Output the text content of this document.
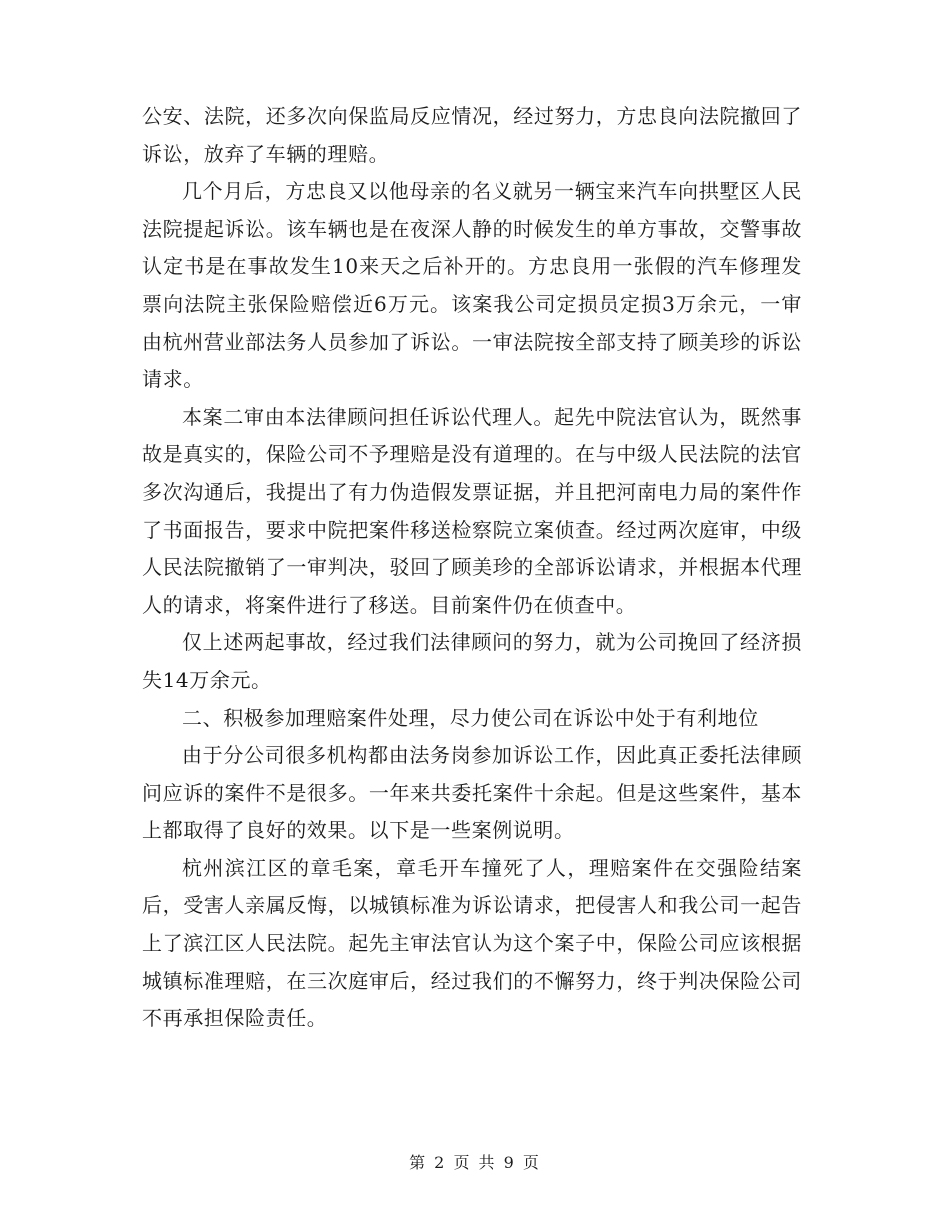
公安、法院，还多次向保监局反应情况，经过努力，方忠良向法院撤回了诉讼，放弃了车辆的理赔。

几个月后，方忠良又以他母亲的名义就另一辆宝来汽车向拱墅区人民法院提起诉讼。该车辆也是在夜深人静的时候发生的单方事故，交警事故认定书是在事故发生10来天之后补开的。方忠良用一张假的汽车修理发票向法院主张保险赔偿近6万元。该案我公司定损员定损3万余元，一审由杭州营业部法务人员参加了诉讼。一审法院按全部支持了顾美珍的诉讼请求。

本案二审由本法律顾问担任诉讼代理人。起先中院法官认为，既然事故是真实的，保险公司不予理赔是没有道理的。在与中级人民法院的法官多次沟通后，我提出了有力伪造假发票证据，并且把河南电力局的案件作了书面报告，要求中院把案件移送检察院立案侦查。经过两次庭审，中级人民法院撤销了一审判决，驳回了顾美珍的全部诉讼请求，并根据本代理人的请求，将案件进行了移送。目前案件仍在侦查中。

仅上述两起事故，经过我们法律顾问的努力，就为公司挽回了经济损失14万余元。

二、积极参加理赔案件处理，尽力使公司在诉讼中处于有利地位

由于分公司很多机构都由法务岗参加诉讼工作，因此真正委托法律顾问应诉的案件不是很多。一年来共委托案件十余起。但是这些案件，基本上都取得了良好的效果。以下是一些案例说明。

杭州滨江区的章毛案，章毛开车撞死了人，理赔案件在交强险结案后，受害人亲属反悔，以城镇标准为诉讼请求，把侵害人和我公司一起告上了滨江区人民法院。起先主审法官认为这个案子中，保险公司应该根据城镇标准理赔，在三次庭审后，经过我们的不懈努力，终于判决保险公司不再承担保险责任。

第 2 页 共 9 页
